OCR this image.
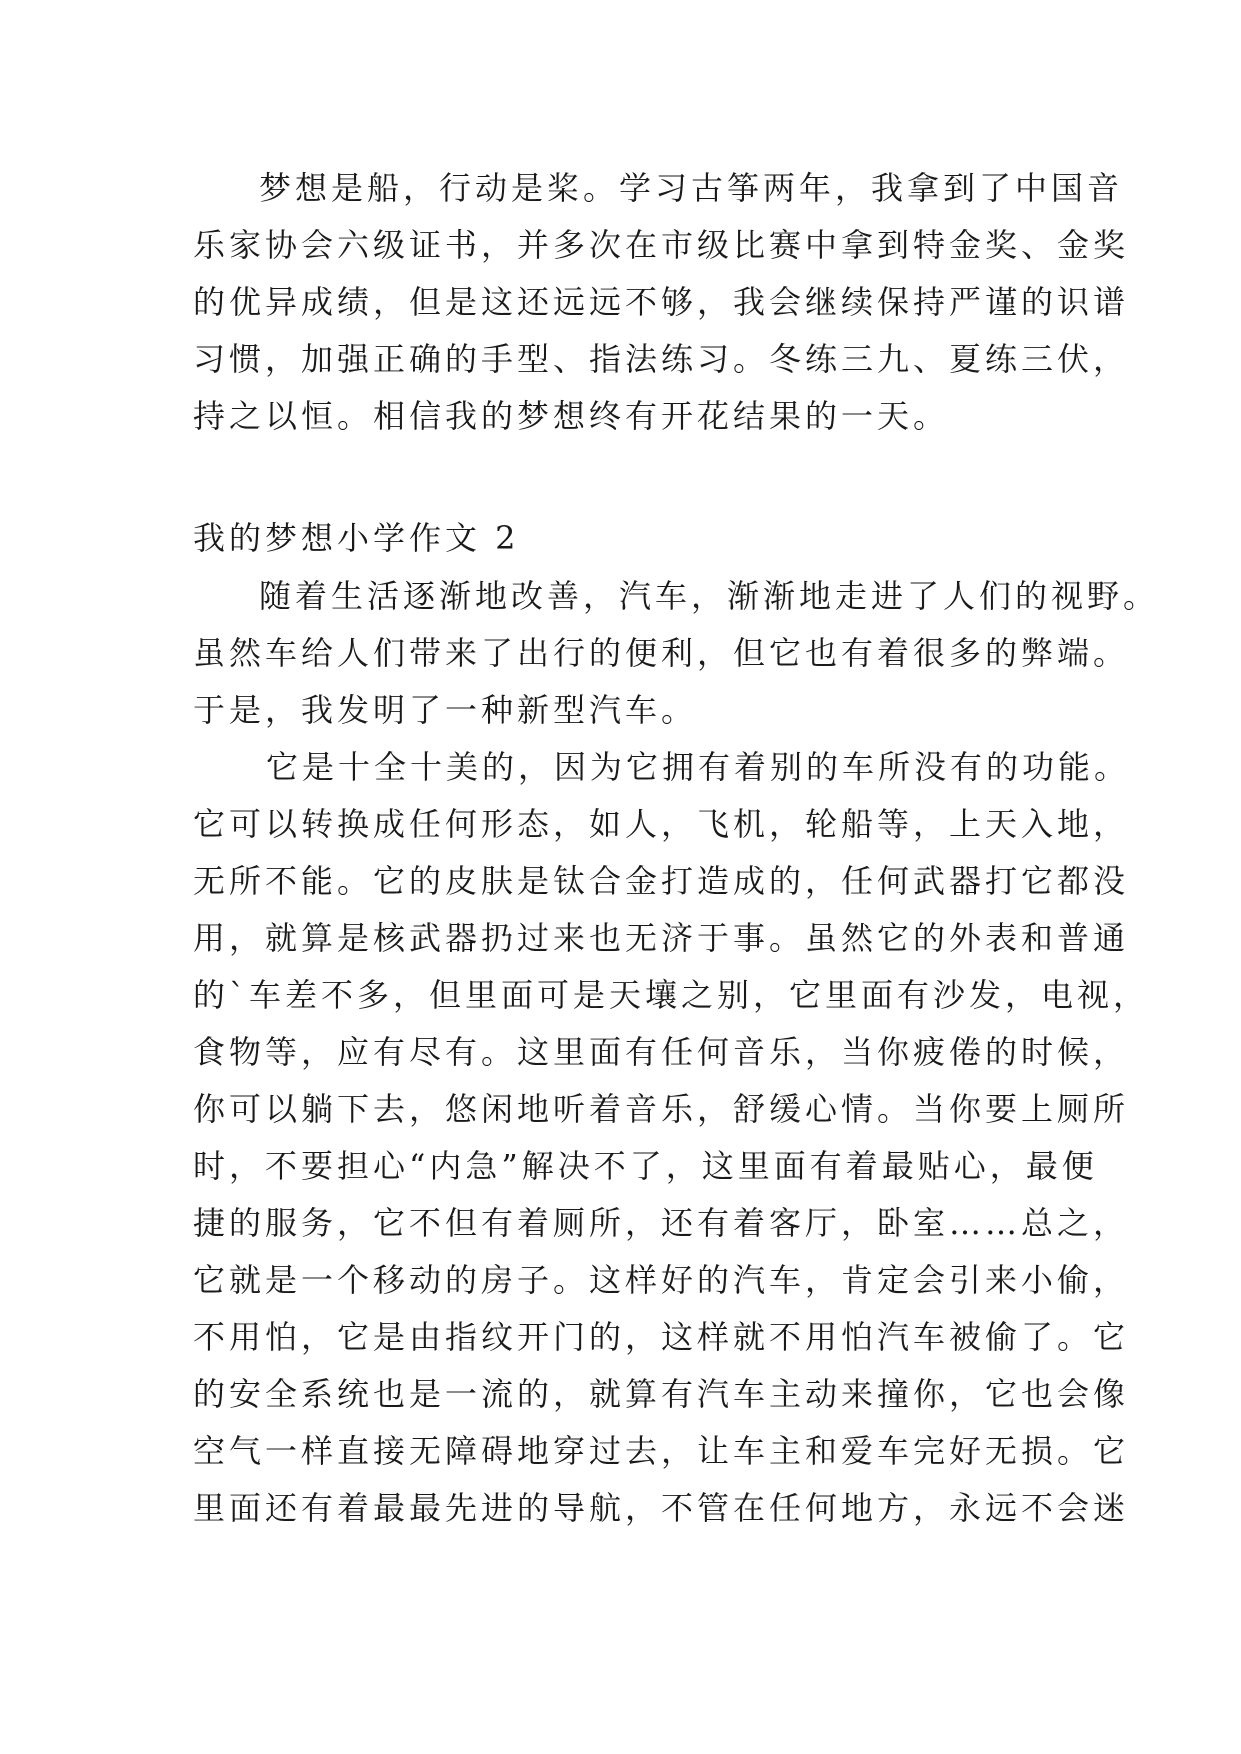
梦想是船，行动是桨。学习古筝两年，我拿到了中国音
乐家协会六级证书，并多次在市级比赛中拿到特金奖、金奖
的优异成绩，但是这还远远不够，我会继续保持严谨的识谱
习惯，加强正确的手型、指法练习。冬练三九、夏练三伏，
持之以恒。相信我的梦想终有开花结果的一天。
我的梦想小学作文 2
随着生活逐渐地改善，汽车，渐渐地走进了人们的视野。
虽然车给人们带来了出行的便利，但它也有着很多的弊端。
于是，我发明了一种新型汽车。
它是十全十美的，因为它拥有着别的车所没有的功能。
它可以转换成任何形态，如人，飞机，轮船等，上天入地，
无所不能。它的皮肤是钛合金打造成的，任何武器打它都没
用，就算是核武器扔过来也无济于事。虽然它的外表和普通
的`车差不多，但里面可是天壤之别，它里面有沙发，电视，
食物等，应有尽有。这里面有任何音乐，当你疲倦的时候，
你可以躺下去，悠闲地听着音乐，舒缓心情。当你要上厕所
时，不要担心“内急”解决不了，这里面有着最贴心，最便
捷的服务，它不但有着厕所，还有着客厅，卧室……总之，
它就是一个移动的房子。这样好的汽车，肯定会引来小偷，
不用怕，它是由指纹开门的，这样就不用怕汽车被偷了。它
的安全系统也是一流的，就算有汽车主动来撞你，它也会像
空气一样直接无障碍地穿过去，让车主和爱车完好无损。它
里面还有着最最先进的导航，不管在任何地方，永远不会迷
